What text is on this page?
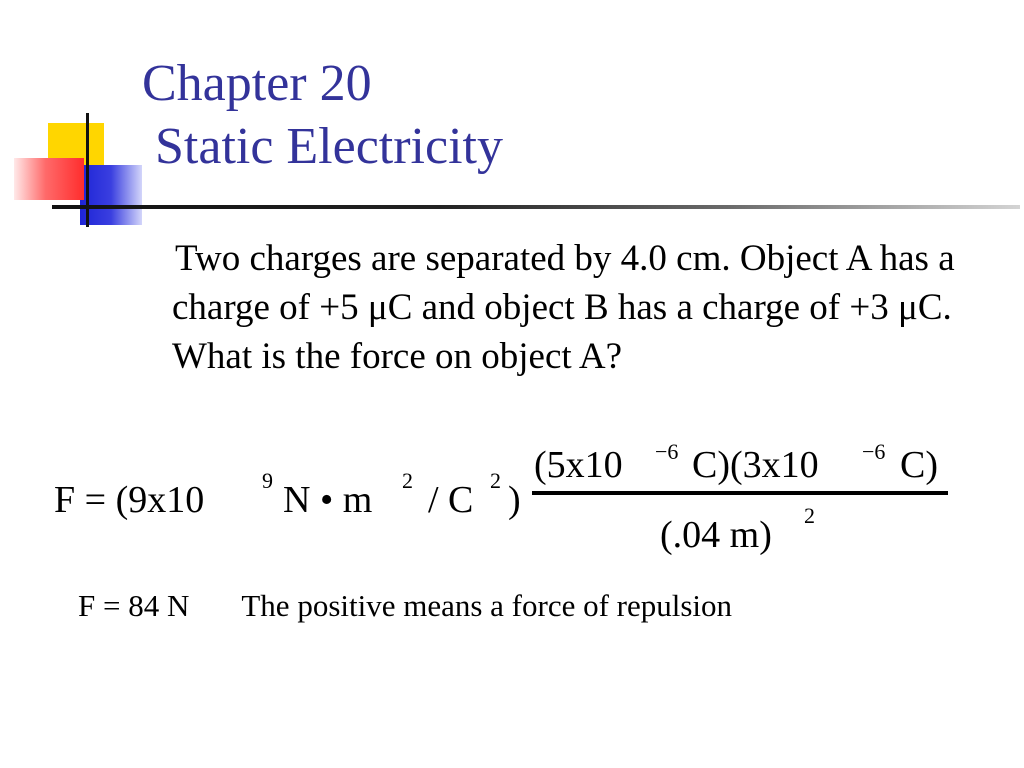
Chapter 20
Static Electricity

Two charges are separated by 4.0 cm. Object A has a charge of +5 μC and object B has a charge of +3 μC. What is the force on object A?

F = (9x10	9 N • m 2 / C 2 )
(5x10 −6 C)(3x10 −6 C)
(.04 m) 2

F = 84 N The positive means a force of repulsion
